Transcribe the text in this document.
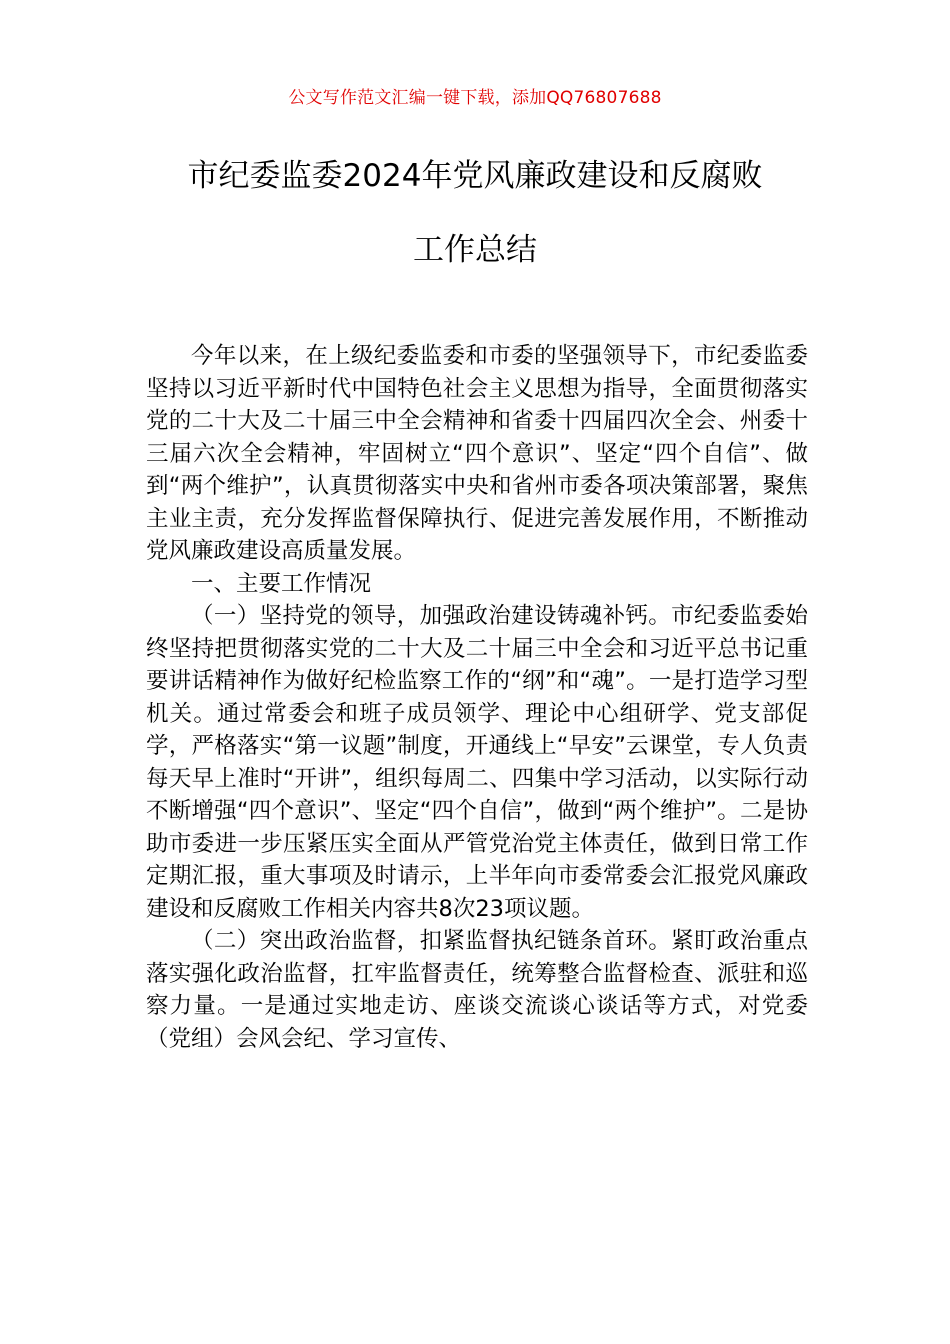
公文写作范文汇编一键下载，添加QQ76807688
市纪委监委2024年党风廉政建设和反腐败
工作总结

今年以来，在上级纪委监委和市委的坚强领导下，市纪委监委坚持以习近平新时代中国特色社会主义思想为指导，全面贯彻落实党的二十大及二十届三中全会精神和省委十四届四次全会、州委十三届六次全会精神，牢固树立“四个意识”、坚定“四个自信”、做到“两个维护”，认真贯彻落实中央和省州市委各项决策部署，聚焦主业主责，充分发挥监督保障执行、促进完善发展作用，不断推动党风廉政建设高质量发展。

一、主要工作情况

（一）坚持党的领导，加强政治建设铸魂补钙。市纪委监委始终坚持把贯彻落实党的二十大及二十届三中全会和习近平总书记重要讲话精神作为做好纪检监察工作的“纲”和“魂”。一是打造学习型机关。通过常委会和班子成员领学、理论中心组研学、党支部促学，严格落实“第一议题”制度，开通线上“早安”云课堂，专人负责每天早上准时“开讲”，组织每周二、四集中学习活动，以实际行动不断增强“四个意识”、坚定“四个自信”，做到“两个维护”。二是协助市委进一步压紧压实全面从严管党治党主体责任，做到日常工作定期汇报，重大事项及时请示，上半年向市委常委会汇报党风廉政建设和反腐败工作相关内容共8次23项议题。

（二）突出政治监督，扣紧监督执纪链条首环。紧盯政治重点落实强化政治监督，扛牢监督责任，统筹整合监督检查、派驻和巡察力量。一是通过实地走访、座谈交流谈心谈话等方式，对党委（党组）会风会纪、学习宣传、
